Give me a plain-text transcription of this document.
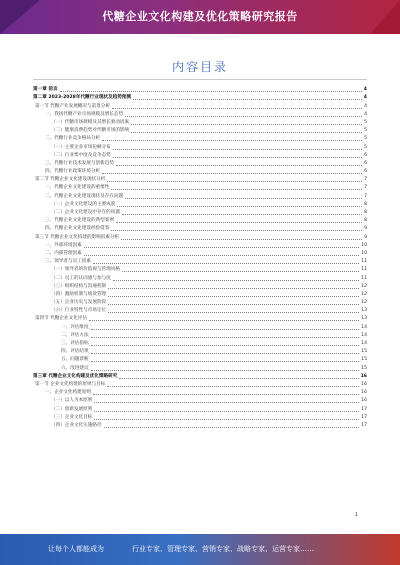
代糖企业文化构建及优化策略研究报告
内容目录
第一章 前言	4
第二章 2023-2028年代糖行业现状及趋势预测	4
第一节 代糖产业发展概况与前景分析	4
一、我国代糖产业市场规模及增长态势	4
（一）代糖市场规模及其增长驱动因素	5
（二）健康消费趋势对代糖市场的影响	5
二、代糖行业竞争格局分析	5
（一）主要企业市场份额分布	5
（二）行业集中度及竞争态势	6
三、代糖行业技术发展与创新趋势	6
四、代糖行业政策环境分析	6
第二节 代糖企业文化建设现状分析	7
一、代糖企业文化建设的重要性	7
二、代糖企业文化建设现状及存在问题	7
（一）企业文化建设的主要成就	8
（二）企业文化建设中存在的问题	8
三、代糖企业文化建设的典型案例	8
四、代糖企业文化建设经验借鉴	9
第三节 代糖企业文化构建的影响因素分析	9
一、外部环境因素	10
二、内部管理因素	10
三、领导者与员工因素	11
（一）领导者的价值观与管理风格	11
（二）员工的认同感与参与度	11
（三）组织结构与沟通机制	12
（四）激励机制与绩效管理	12
（五）企业历史与发展阶段	12
（六）行业特性与市场定位	13
第四节 代糖企业文化评估	13
一、评估维度	14
二、评估方法	14
三、评估指标	14
四、评估结果	15
五、问题诊断	15
六、改进建议	15
第三章 代糖企业文化构建及优化策略研究	16
第一节 企业文化构建的原则与目标	16
一、企业文化构建原则	16
（一）以人为本原则	16
（二）创新发展原则	17
（三）企业文化目标	17
（四）企业文化实施路径	17
1
让每个人都能成为	行业专家、管理专家、营销专家、战略专家、运营专家……
